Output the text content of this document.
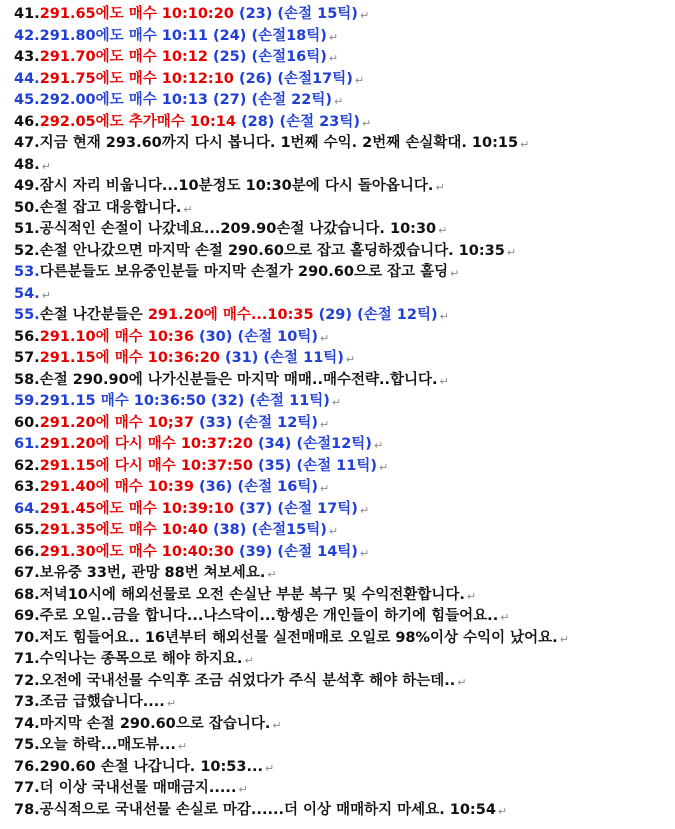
41.291.65에도 매수 10:10:20 (23) (손절 15틱) ↵
42.291.80에도 매수 10:11 (24) (손절18틱) ↵
43.291.70에도 매수 10:12 (25) (손절16틱) ↵
44.291.75에도 매수 10:12:10 (26) (손절17틱) ↵
45.292.00에도 매수 10:13 (27) (손절 22틱) ↵
46.292.05에도 추가매수 10:14 (28) (손절 23틱) ↵
47.지금 현재 293.60까지 다시 봅니다. 1번째 수익. 2번째 손실확대. 10:15 ↵
48. ↵
49.잠시 자리 비웁니다...10분정도 10:30분에 다시 돌아옵니다. ↵
50.손절 잡고 대응합니다. ↵
51.공식적인 손절이 나갔네요...209.90손절 나갔습니다. 10:30 ↵
52.손절 안나갔으면 마지막 손절 290.60으로 잡고 홀딩하겠습니다. 10:35 ↵
53.다른분들도 보유중인분들 마지막 손절가 290.60으로 잡고 홀딩 ↵
54. ↵
55.손절 나간분들은 291.20에 매수...10:35 (29) (손절 12틱) ↵
56.291.10에 매수 10:36 (30) (손절 10틱) ↵
57.291.15에 매수 10:36:20 (31) (손절 11틱) ↵
58.손절 290.90에 나가신분들은 마지막 매매..매수전략..합니다. ↵
59.291.15 매수 10:36:50 (32) (손절 11틱) ↵
60.291.20에 매수 10;37 (33) (손절 12틱) ↵
61.291.20에 다시 매수 10:37:20 (34) (손절12틱) ↵
62.291.15에 다시 매수 10:37:50 (35) (손절 11틱) ↵
63.291.40에 매수 10:39 (36) (손절 16틱) ↵
64.291.45에도 매수 10:39:10 (37) (손절 17틱) ↵
65.291.35에도 매수 10:40 (38) (손절15틱) ↵
66.291.30에도 매수 10:40:30 (39) (손절 14틱) ↵
67.보유중 33번, 관망 88번 쳐보세요. ↵
68.저녁10시에 해외선물로 오전 손실난 부분 복구 및 수익전환합니다. ↵
69.주로 오일..금을 합니다...나스닥이...항셍은 개인들이 하기에 힘들어요.. ↵
70.저도 힘들어요.. 16년부터 해외선물 실전매매로 오일로 98%이상 수익이 났어요. ↵
71.수익나는 종목으로 해야 하지요. ↵
72.오전에 국내선물 수익후 조금 쉬었다가 주식 분석후 해야 하는데.. ↵
73.조금 급했습니다.... ↵
74.마지막 손절 290.60으로 잡습니다. ↵
75.오늘 하락...매도뷰... ↵
76.290.60 손절 나갑니다. 10:53... ↵
77.더 이상 국내선물 매매금지..... ↵
78.공식적으로 국내선물 손실로 마감......더 이상 매매하지 마세요. 10:54 ↵
